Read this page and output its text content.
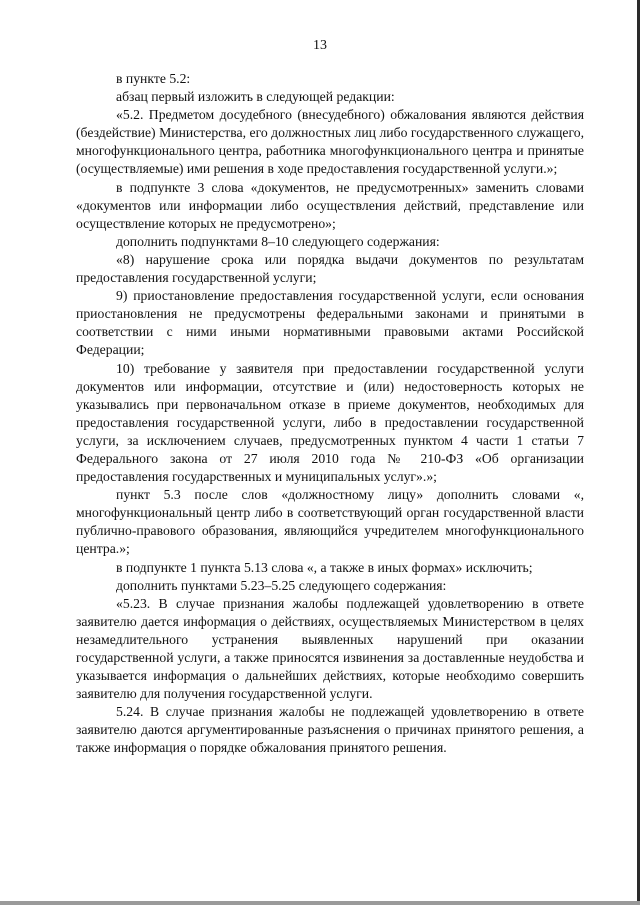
13

в пункте 5.2:

абзац первый изложить в следующей редакции:

«5.2. Предметом досудебного (внесудебного) обжалования являются действия (бездействие) Министерства, его должностных лиц либо государственного служащего, многофункционального центра, работника многофункционального центра и принятые (осуществляемые) ими решения в ходе предоставления государственной услуги.»;

в подпункте 3 слова «документов, не предусмотренных» заменить словами «документов или информации либо осуществления действий, представление или осуществление которых не предусмотрено»;

дополнить подпунктами 8–10 следующего содержания:

«8) нарушение срока или порядка выдачи документов по результатам предоставления государственной услуги;

9) приостановление предоставления государственной услуги, если основания приостановления не предусмотрены федеральными законами и принятыми в соответствии с ними иными нормативными правовыми актами Российской Федерации;

10) требование у заявителя при предоставлении государственной услуги документов или информации, отсутствие и (или) недостоверность которых не указывались при первоначальном отказе в приеме документов, необходимых для предоставления государственной услуги, либо в предоставлении государственной услуги, за исключением случаев, предусмотренных пунктом 4 части 1 статьи 7 Федерального закона от 27 июля 2010 года № 210-ФЗ «Об организации предоставления государственных и муниципальных услуг».»;

пункт 5.3 после слов «должностному лицу» дополнить словами «, многофункциональный центр либо в соответствующий орган государственной власти публично-правового образования, являющийся учредителем многофункционального центра.»;

в подпункте 1 пункта 5.13 слова «, а также в иных формах» исключить;

дополнить пунктами 5.23–5.25 следующего содержания:

«5.23. В случае признания жалобы подлежащей удовлетворению в ответе заявителю дается информация о действиях, осуществляемых Министерством в целях незамедлительного устранения выявленных нарушений при оказании государственной услуги, а также приносятся извинения за доставленные неудобства и указывается информация о дальнейших действиях, которые необходимо совершить заявителю для получения государственной услуги.

5.24. В случае признания жалобы не подлежащей удовлетворению в ответе заявителю даются аргументированные разъяснения о причинах принятого решения, а также информация о порядке обжалования принятого решения.
